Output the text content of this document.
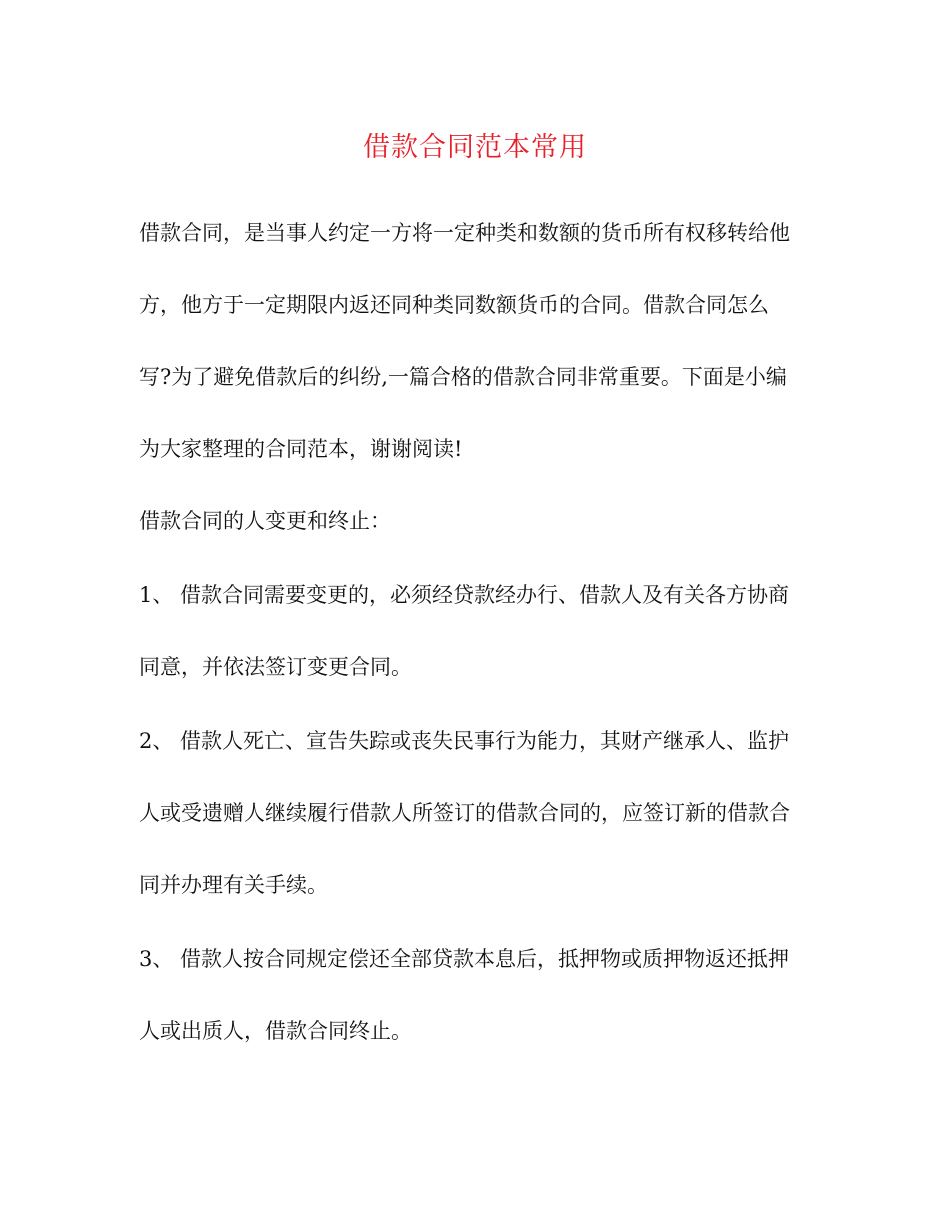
借款合同范本常用
借款合同，是当事人约定一方将一定种类和数额的货币所有权移转给他
方，他方于一定期限内返还同种类同数额货币的合同。借款合同怎么
写?为了避免借款后的纠纷,一篇合格的借款合同非常重要。下面是小编
为大家整理的合同范本，谢谢阅读!
借款合同的人变更和终止：
1、 借款合同需要变更的，必须经贷款经办行、借款人及有关各方协商
同意，并依法签订变更合同。
2、 借款人死亡、宣告失踪或丧失民事行为能力，其财产继承人、监护
人或受遗赠人继续履行借款人所签订的借款合同的，应签订新的借款合
同并办理有关手续。
3、 借款人按合同规定偿还全部贷款本息后，抵押物或质押物返还抵押
人或出质人，借款合同终止。
